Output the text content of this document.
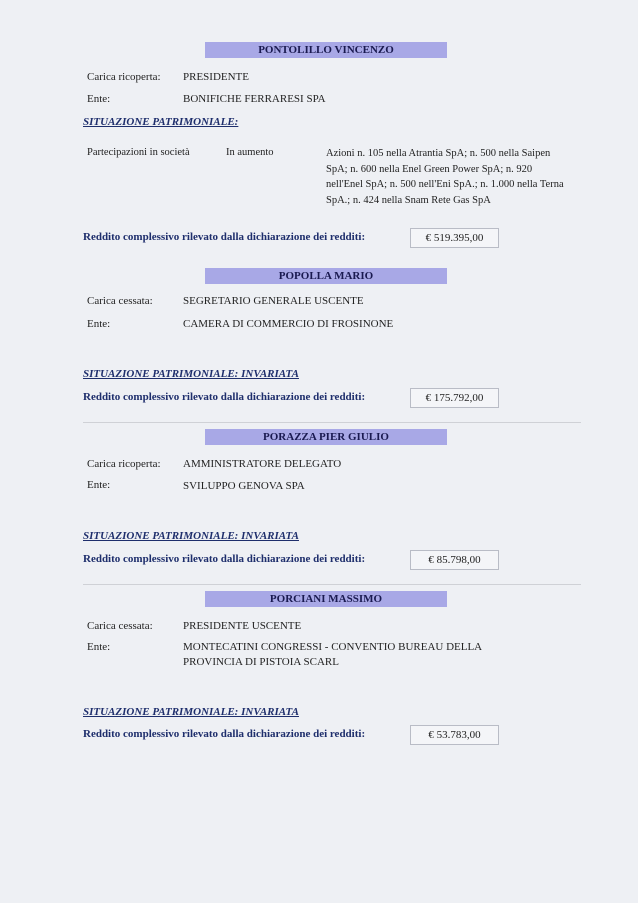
PONTOLILLO VINCENZO
Carica ricoperta: PRESIDENTE
Ente:	BONIFICHE FERRARESI SPA
SITUAZIONE PATRIMONIALE:
Partecipazioni in società	In aumento	Azioni n. 105 nella Atrantia SpA; n. 500 nella Saipen SpA; n. 600 nella Enel Green Power SpA; n. 920 nell'Enel SpA; n. 500 nell'Eni SpA.; n. 1.000 nella Terna SpA.; n. 424 nella Snam Rete Gas SpA
Reddito complessivo rilevato dalla dichiarazione dei redditi:	€ 519.395,00
POPOLLA MARIO
Carica cessata:	SEGRETARIO GENERALE USCENTE
Ente:	CAMERA DI COMMERCIO DI FROSINONE
SITUAZIONE PATRIMONIALE: INVARIATA
Reddito complessivo rilevato dalla dichiarazione dei redditi:	€ 175.792,00
PORAZZA PIER GIULIO
Carica ricoperta: AMMINISTRATORE DELEGATO
Ente:	SVILUPPO GENOVA SPA
SITUAZIONE PATRIMONIALE: INVARIATA
Reddito complessivo rilevato dalla dichiarazione dei redditi:	€ 85.798,00
PORCIANI MASSIMO
Carica cessata:	PRESIDENTE USCENTE
Ente:	MONTECATINI CONGRESSI - CONVENTIO BUREAU DELLA
PROVINCIA DI PISTOIA SCARL
SITUAZIONE PATRIMONIALE: INVARIATA
Reddito complessivo rilevato dalla dichiarazione dei redditi:	€ 53.783,00
